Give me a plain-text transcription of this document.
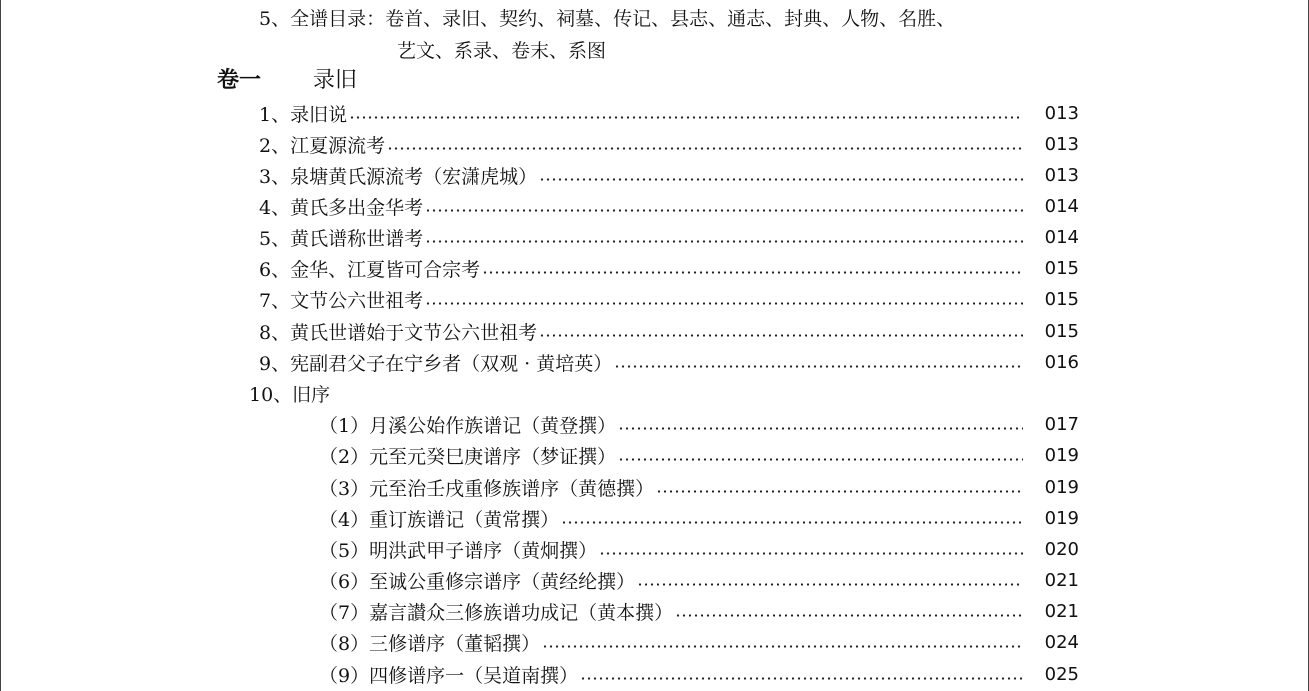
5、全谱目录：卷首、录旧、契约、祠墓、传记、县志、通志、封典、人物、名胜、
艺文、系录、卷末、系图
卷一 录旧
1、录旧说	013
2、江夏源流考	013
3、泉塘黄氏源流考（宏潇虎城）	013
4、黄氏多出金华考	014
5、黄氏谱称世谱考	014
6、金华、江夏皆可合宗考	015
7、文节公六世祖考	015
8、黄氏世谱始于文节公六世祖考	015
9、宪副君父子在宁乡者（双观 · 黄培英）	016
10、旧序
（1）月溪公始作族谱记（黄登撰）	017
（2）元至元癸巳庚谱序（梦证撰）	019
（3）元至治壬戌重修族谱序（黄德撰）	019
（4）重订族谱记（黄常撰）	019
（5）明洪武甲子谱序（黄炯撰）	020
（6）至诚公重修宗谱序（黄经纶撰）	021
（7）嘉言讃众三修族谱功成记（黄本撰）	021
（8）三修谱序（董韬撰）	024
（9）四修谱序一（吴道南撰）	025
